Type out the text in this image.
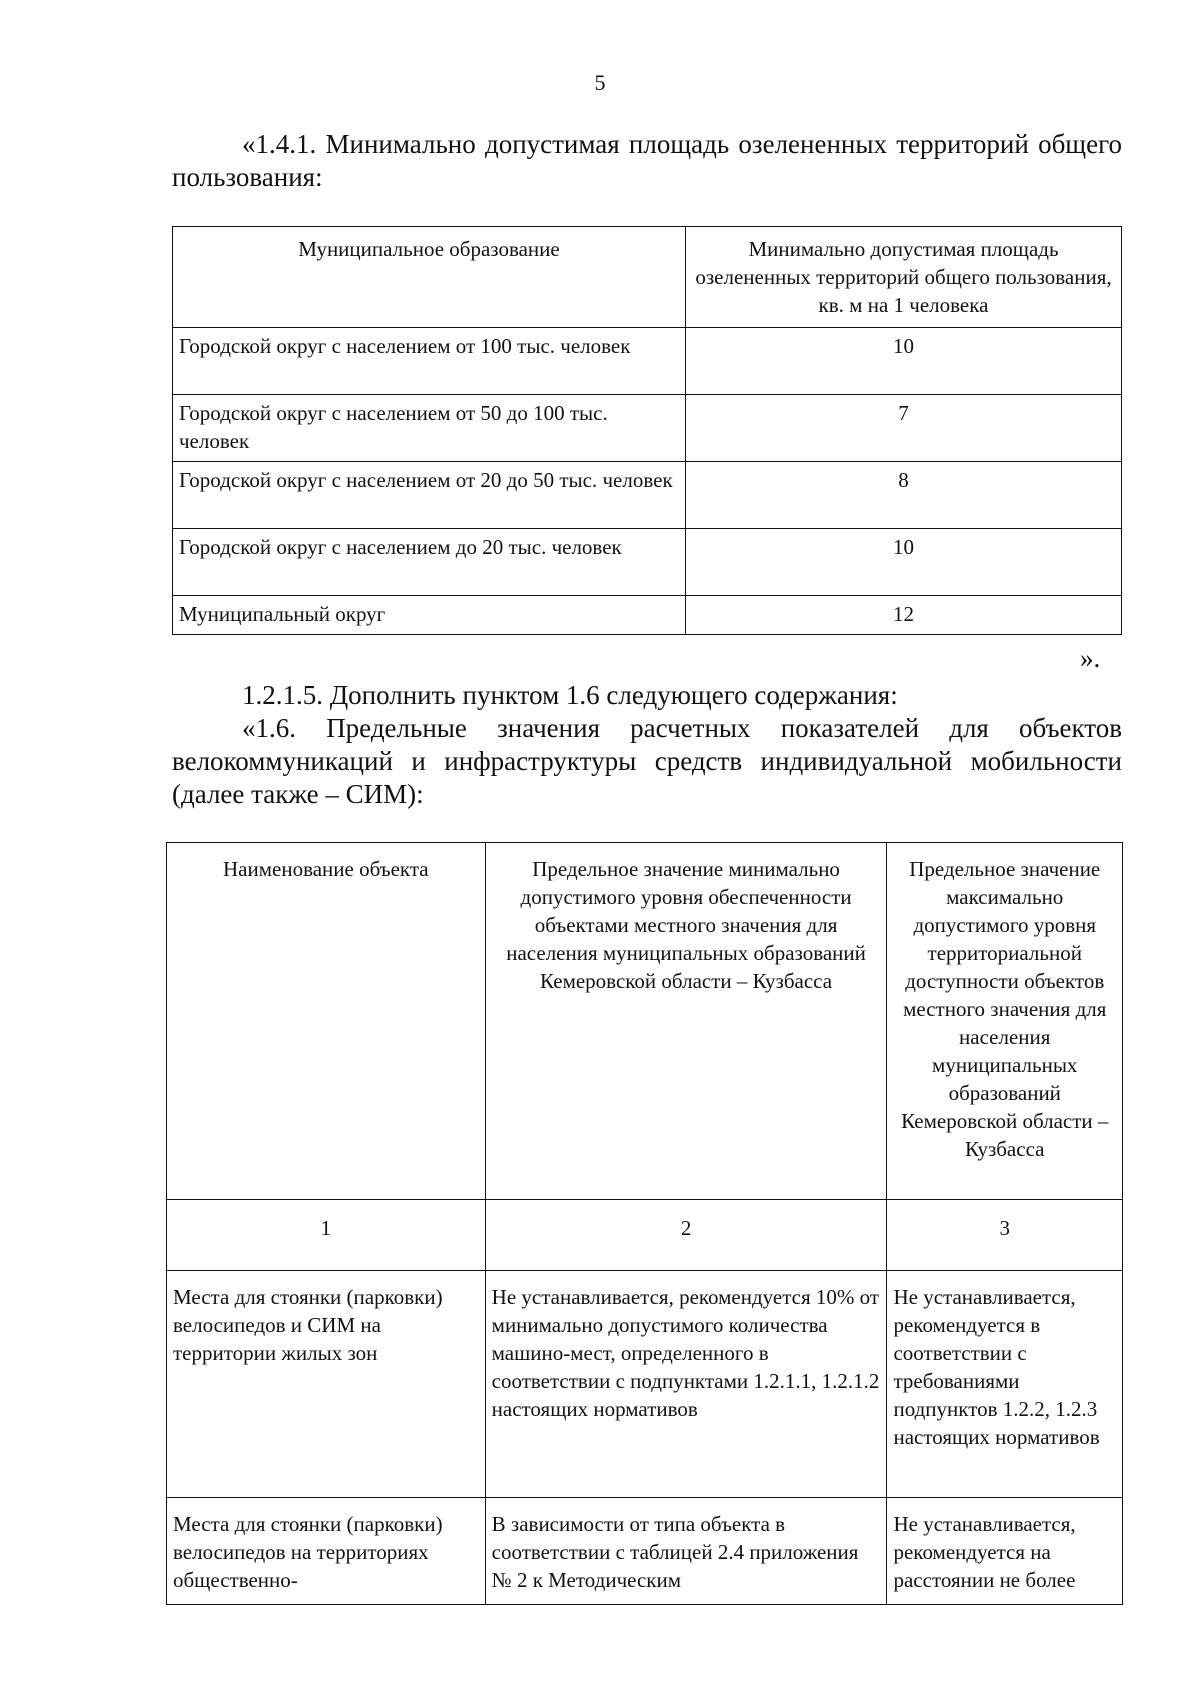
5
«1.4.1. Минимально допустимая площадь озелененных территорий общего пользования:
Муниципальное образование	Минимально допустимая площадь озелененных территорий общего пользования, кв. м на 1 человека
Городской округ с населением от 100 тыс. человек	10
Городской округ с населением от 50 до 100 тыс. человек	7
Городской округ с населением от 20 до 50 тыс. человек	8
Городской округ с населением до 20 тыс. человек	10
Муниципальный округ	12
».
1.2.1.5. Дополнить пунктом 1.6 следующего содержания:
«1.6. Предельные значения расчетных показателей для объектов велокоммуникаций и инфраструктуры средств индивидуальной мобильности (далее также – СИМ):
Наименование объекта	Предельное значение минимально допустимого уровня обеспеченности объектами местного значения для населения муниципальных образований Кемеровской области – Кузбасса	Предельное значение максимально допустимого уровня территориальной доступности объектов местного значения для населения муниципальных образований Кемеровской области – Кузбасса
1	2	3
Места для стоянки (парковки) велосипедов и СИМ на территории жилых зон	Не устанавливается, рекомендуется 10% от минимально допустимого количества машино-мест, определенного в соответствии с подпунктами 1.2.1.1, 1.2.1.2 настоящих нормативов	Не устанавливается, рекомендуется в соответствии с требованиями подпунктов 1.2.2, 1.2.3 настоящих нормативов
Места для стоянки (парковки) велосипедов на территориях общественно-	В зависимости от типа объекта в соответствии с таблицей 2.4 приложения № 2 к Методическим	Не устанавливается, рекомендуется на расстоянии не более
